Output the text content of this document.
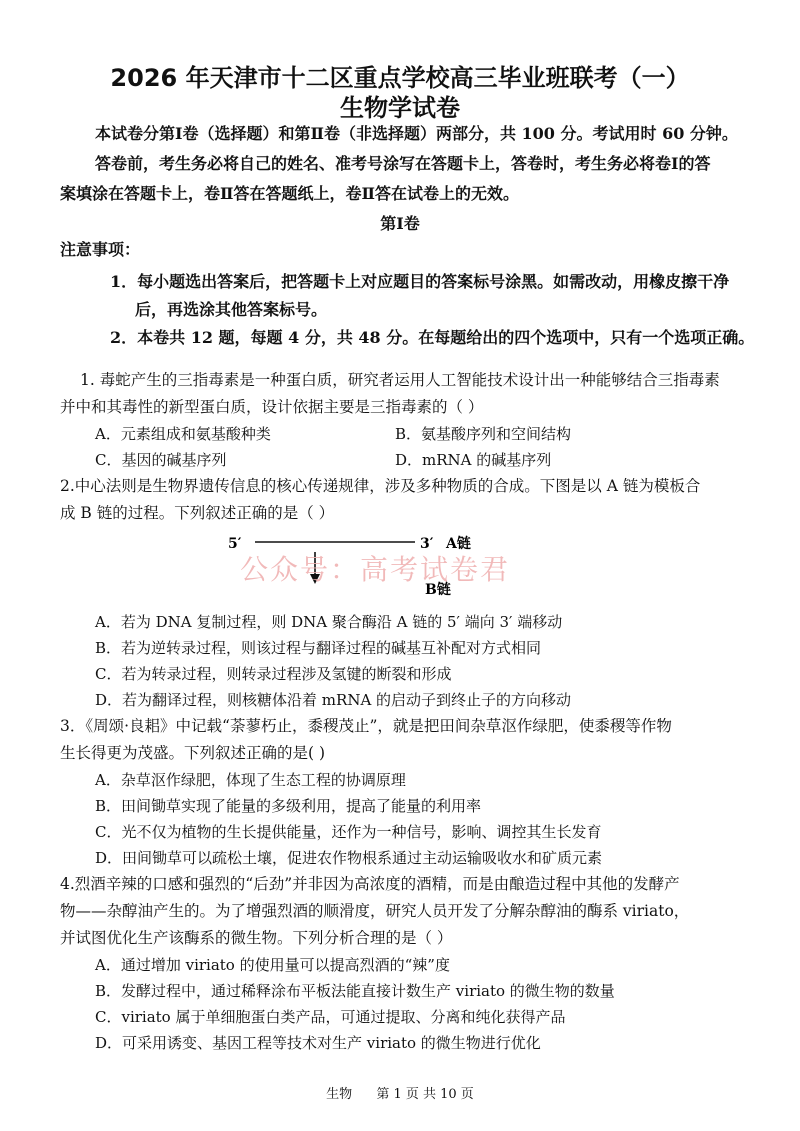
2026 年天津市十二区重点学校高三毕业班联考（一）
生物学试卷
本试卷分第Ⅰ卷（选择题）和第Ⅱ卷（非选择题）两部分，共 100 分。考试用时 60 分钟。
答卷前，考生务必将自己的姓名、准考号涂写在答题卡上，答卷时，考生务必将卷Ⅰ的答
案填涂在答题卡上，卷Ⅱ答在答题纸上，卷Ⅱ答在试卷上的无效。
第Ⅰ卷
注意事项：
1．每小题选出答案后，把答题卡上对应题目的答案标号涂黑。如需改动，用橡皮擦干净
后，再选涂其他答案标号。
2．本卷共 12 题，每题 4 分，共 48 分。在每题给出的四个选项中，只有一个选项正确。
1. 毒蛇产生的三指毒素是一种蛋白质，研究者运用人工智能技术设计出一种能够结合三指毒素
并中和其毒性的新型蛋白质，设计依据主要是三指毒素的（ ）
A．元素组成和氨基酸种类	B．氨基酸序列和空间结构
C．基因的碱基序列	D．mRNA 的碱基序列
2.中心法则是生物界遗传信息的核心传递规律，涉及多种物质的合成。下图是以 A 链为模板合
成 B 链的过程。下列叙述正确的是（ ）
5′	3′ A链
B链
公众号：高考试卷君
A．若为 DNA 复制过程，则 DNA 聚合酶沿 A 链的 5′ 端向 3′ 端移动
B．若为逆转录过程，则该过程与翻译过程的碱基互补配对方式相同
C．若为转录过程，则转录过程涉及氢键的断裂和形成
D．若为翻译过程，则核糖体沿着 mRNA 的启动子到终止子的方向移动
3．《周颂·良耜》中记载“荼蓼朽止，黍稷茂止”，就是把田间杂草沤作绿肥，使黍稷等作物
生长得更为茂盛。下列叙述正确的是( )
A．杂草沤作绿肥，体现了生态工程的协调原理
B．田间锄草实现了能量的多级利用，提高了能量的利用率
C．光不仅为植物的生长提供能量，还作为一种信号，影响、调控其生长发育
D．田间锄草可以疏松土壤，促进农作物根系通过主动运输吸收水和矿质元素
4.烈酒辛辣的口感和强烈的“后劲”并非因为高浓度的酒精，而是由酿造过程中其他的发酵产
物——杂醇油产生的。为了增强烈酒的顺滑度，研究人员开发了分解杂醇油的酶系 viriato，
并试图优化生产该酶系的微生物。下列分析合理的是（ ）
A．通过增加 viriato 的使用量可以提高烈酒的“辣”度
B．发酵过程中，通过稀释涂布平板法能直接计数生产 viriato 的微生物的数量
C．viriato 属于单细胞蛋白类产品，可通过提取、分离和纯化获得产品
D．可采用诱变、基因工程等技术对生产 viriato 的微生物进行优化
生物 第 1 页 共 10 页
